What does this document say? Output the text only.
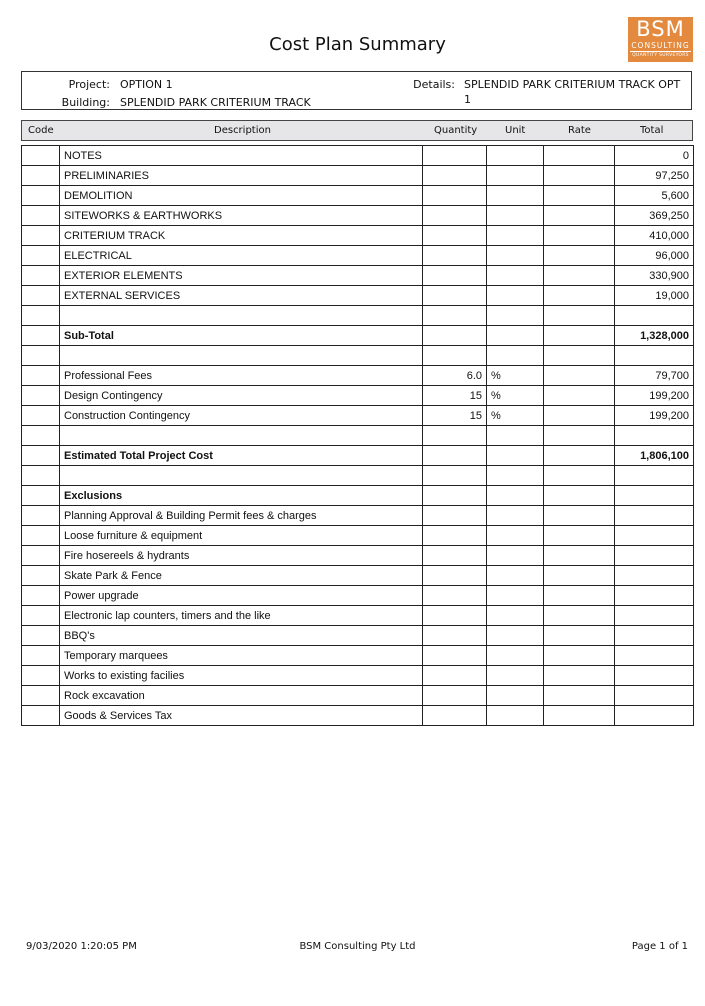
Cost Plan Summary
BSM
CONSULTING
QUANTITY SURVEYORS
Project: OPTION 1
Building: SPLENDID PARK CRITERIUM TRACK
Details: SPLENDID PARK CRITERIUM TRACK OPT
1
Code	Description	Quantity	Unit	Rate	Total
	NOTES				0
	PRELIMINARIES				97,250
	DEMOLITION				5,600
	SITEWORKS & EARTHWORKS				369,250
	CRITERIUM TRACK				410,000
	ELECTRICAL				96,000
	EXTERIOR ELEMENTS				330,900
	EXTERNAL SERVICES				19,000

	Sub-Total				1,328,000

	Professional Fees	6.0	%		79,700
	Design Contingency	15	%		199,200
	Construction Contingency	15	%		199,200

	Estimated Total Project Cost				1,806,100

	Exclusions				
	Planning Approval & Building Permit fees & charges				
	Loose furniture & equipment				
	Fire hosereels & hydrants				
	Skate Park & Fence				
	Power upgrade				
	Electronic lap counters, timers and the like				
	BBQ's				
	Temporary marquees				
	Works to existing facilies				
	Rock excavation				
	Goods & Services Tax				
9/03/2020 1:20:05 PM	BSM Consulting Pty Ltd	Page 1 of 1
